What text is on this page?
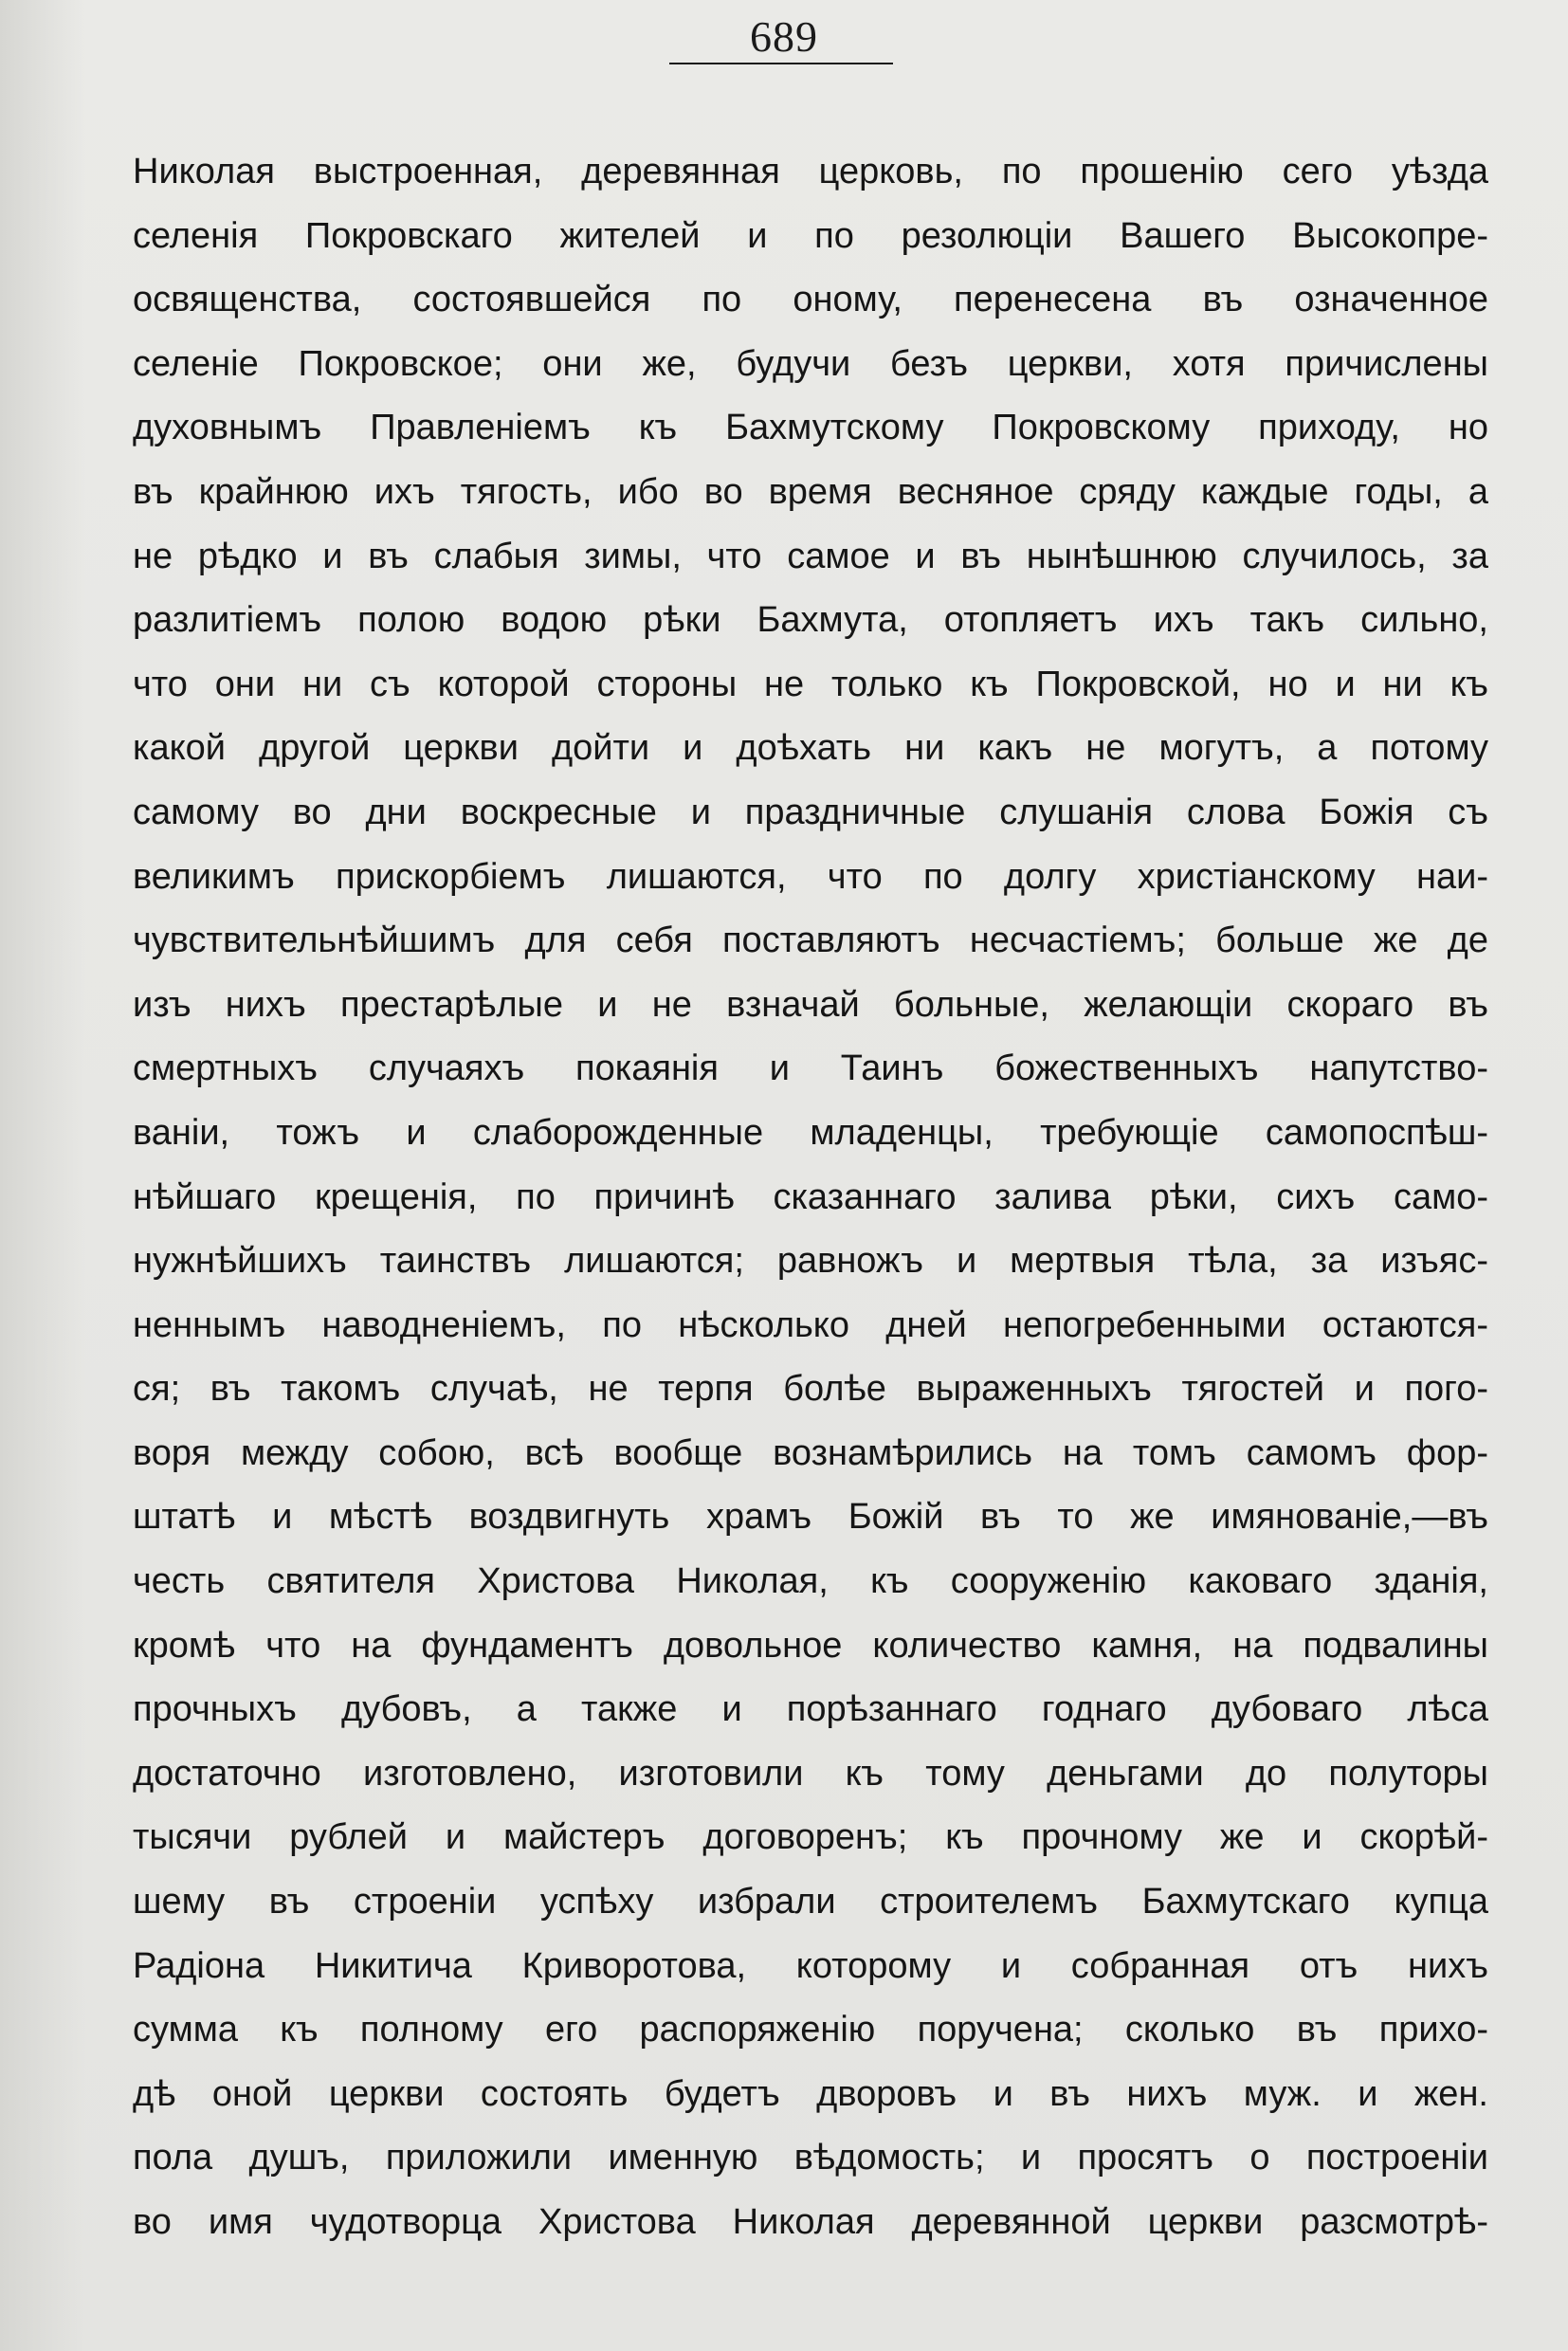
689
Николая выстроенная, деревянная церковь, по прошенію сего уѣзда
селенія Покровскаго жителей и по резолюціи Вашего Высокопре-
освященства, состоявшейся по оному, перенесена въ означенное
селеніе Покровское; они же, будучи безъ церкви, хотя причислены
духовнымъ Правленіемъ къ Бахмутскому Покровскому приходу, но
въ крайнюю ихъ тягость, ибо во время весняное сряду каждые годы, а
не рѣдко и въ слабыя зимы, что самое и въ нынѣшнюю случилось, за
разлитіемъ полою водою рѣки Бахмута, отопляетъ ихъ такъ сильно,
что они ни съ которой стороны не только къ Покровской, но и ни къ
какой другой церкви дойти и доѣхать ни какъ не могутъ, а потому
самому во дни воскресные и праздничные слушанія слова Божія съ
великимъ прискорбіемъ лишаются, что по долгу христіанскому наи-
чувствительнѣйшимъ для себя поставляютъ несчастіемъ; больше же де
изъ нихъ престарѣлые и не взначай больные, желающіи скораго въ
смертныхъ случаяхъ покаянія и Таинъ божественныхъ напутство-
ваніи, тожъ и слаборожденные младенцы, требующіе самопоспѣш-
нѣйшаго крещенія, по причинѣ сказаннаго залива рѣки, сихъ само-
нужнѣйшихъ таинствъ лишаются; равножъ и мертвыя тѣла, за изъяс-
неннымъ наводненіемъ, по нѣсколько дней непогребенными остаются-
ся; въ такомъ случаѣ, не терпя болѣе выраженныхъ тягостей и пого-
воря между собою, всѣ вообще вознамѣрились на томъ самомъ фор-
штатѣ и мѣстѣ воздвигнуть храмъ Божій въ то же имянованіе,—въ
честь святителя Христова Николая, къ сооруженію каковаго зданія,
кромѣ что на фундаментъ довольное количество камня, на подвалины
прочныхъ дубовъ, а также и порѣзаннаго годнаго дубоваго лѣса
достаточно изготовлено, изготовили къ тому деньгами до полуторы
тысячи рублей и майстеръ договоренъ; къ прочному же и скорѣй-
шему въ строеніи успѣху избрали строителемъ Бахмутскаго купца
Радіона Никитича Криворотова, которому и собранная отъ нихъ
сумма къ полному его распоряженію поручена; сколько въ прихо-
дѣ оной церкви состоять будетъ дворовъ и въ нихъ муж. и жен.
пола душъ, приложили именную вѣдомость; и просятъ о построеніи
во имя чудотворца Христова Николая деревянной церкви разсмотрѣ-
